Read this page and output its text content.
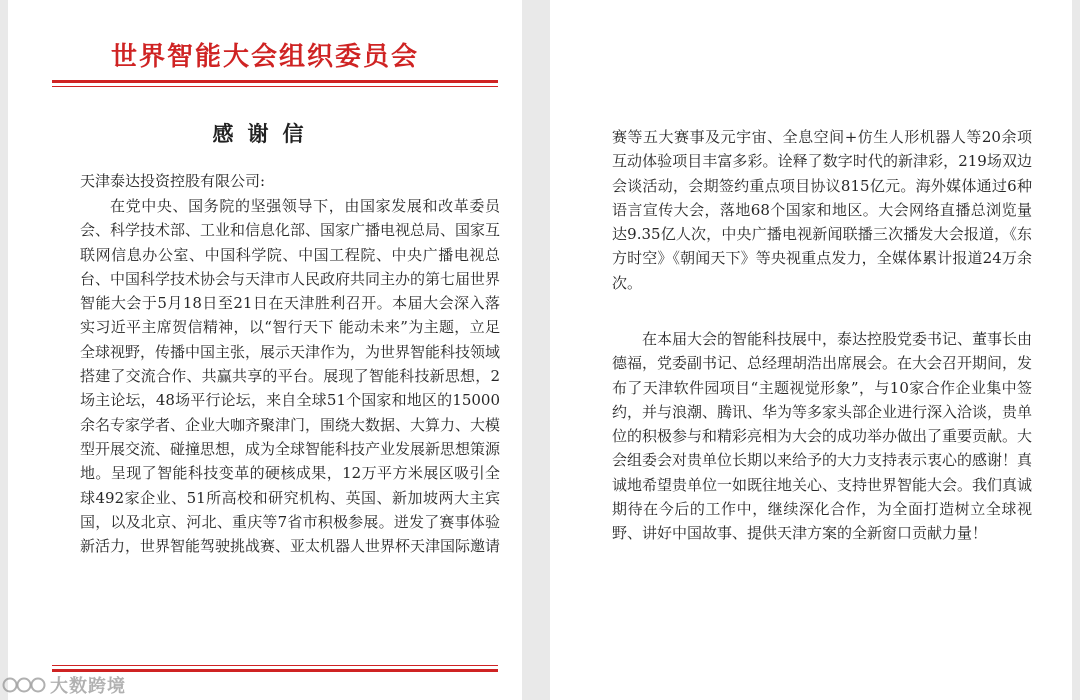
世界智能大会组织委员会
感谢信
天津泰达投资控股有限公司:

在党中央、国务院的坚强领导下，由国家发展和改革委员会、科学技术部、工业和信息化部、国家广播电视总局、国家互联网信息办公室、中国科学院、中国工程院、中央广播电视总台、中国科学技术协会与天津市人民政府共同主办的第七届世界智能大会于5月18日至21日在天津胜利召开。本届大会深入落实习近平主席贺信精神，以“智行天下 能动未来”为主题，立足全球视野，传播中国主张，展示天津作为，为世界智能科技领域搭建了交流合作、共赢共享的平台。展现了智能科技新思想，2场主论坛，48场平行论坛，来自全球51个国家和地区的15000余名专家学者、企业大咖齐聚津门，围绕大数据、大算力、大模型开展交流、碰撞思想，成为全球智能科技产业发展新思想策源地。呈现了智能科技变革的硬核成果，12万平方米展区吸引全球492家企业、51所高校和研究机构、英国、新加坡两大主宾国，以及北京、河北、重庆等7省市积极参展。迸发了赛事体验新活力，世界智能驾驶挑战赛、亚太机器人世界杯天津国际邀请

赛等五大赛事及元宇宙、全息空间+仿生人形机器人等20余项互动体验项目丰富多彩。诠释了数字时代的新津彩，219场双边会谈活动，会期签约重点项目协议815亿元。海外媒体通过6种语言宣传大会，落地68个国家和地区。大会网络直播总浏览量达9.35亿人次，中央广播电视新闻联播三次播发大会报道，《东方时空》《朝闻天下》等央视重点发力，全媒体累计报道24万余次。

在本届大会的智能科技展中，泰达控股党委书记、董事长由德福，党委副书记、总经理胡浩出席展会。在大会召开期间，发布了天津软件园项目“主题视觉形象”，与10家合作企业集中签约，并与浪潮、腾讯、华为等多家头部企业进行深入洽谈，贵单位的积极参与和精彩亮相为大会的成功举办做出了重要贡献。大会组委会对贵单位长期以来给予的大力支持表示衷心的感谢！真诚地希望贵单位一如既往地关心、支持世界智能大会。我们真诚期待在今后的工作中，继续深化合作，为全面打造树立全球视野、讲好中国故事、提供天津方案的全新窗口贡献力量！

大数跨境
